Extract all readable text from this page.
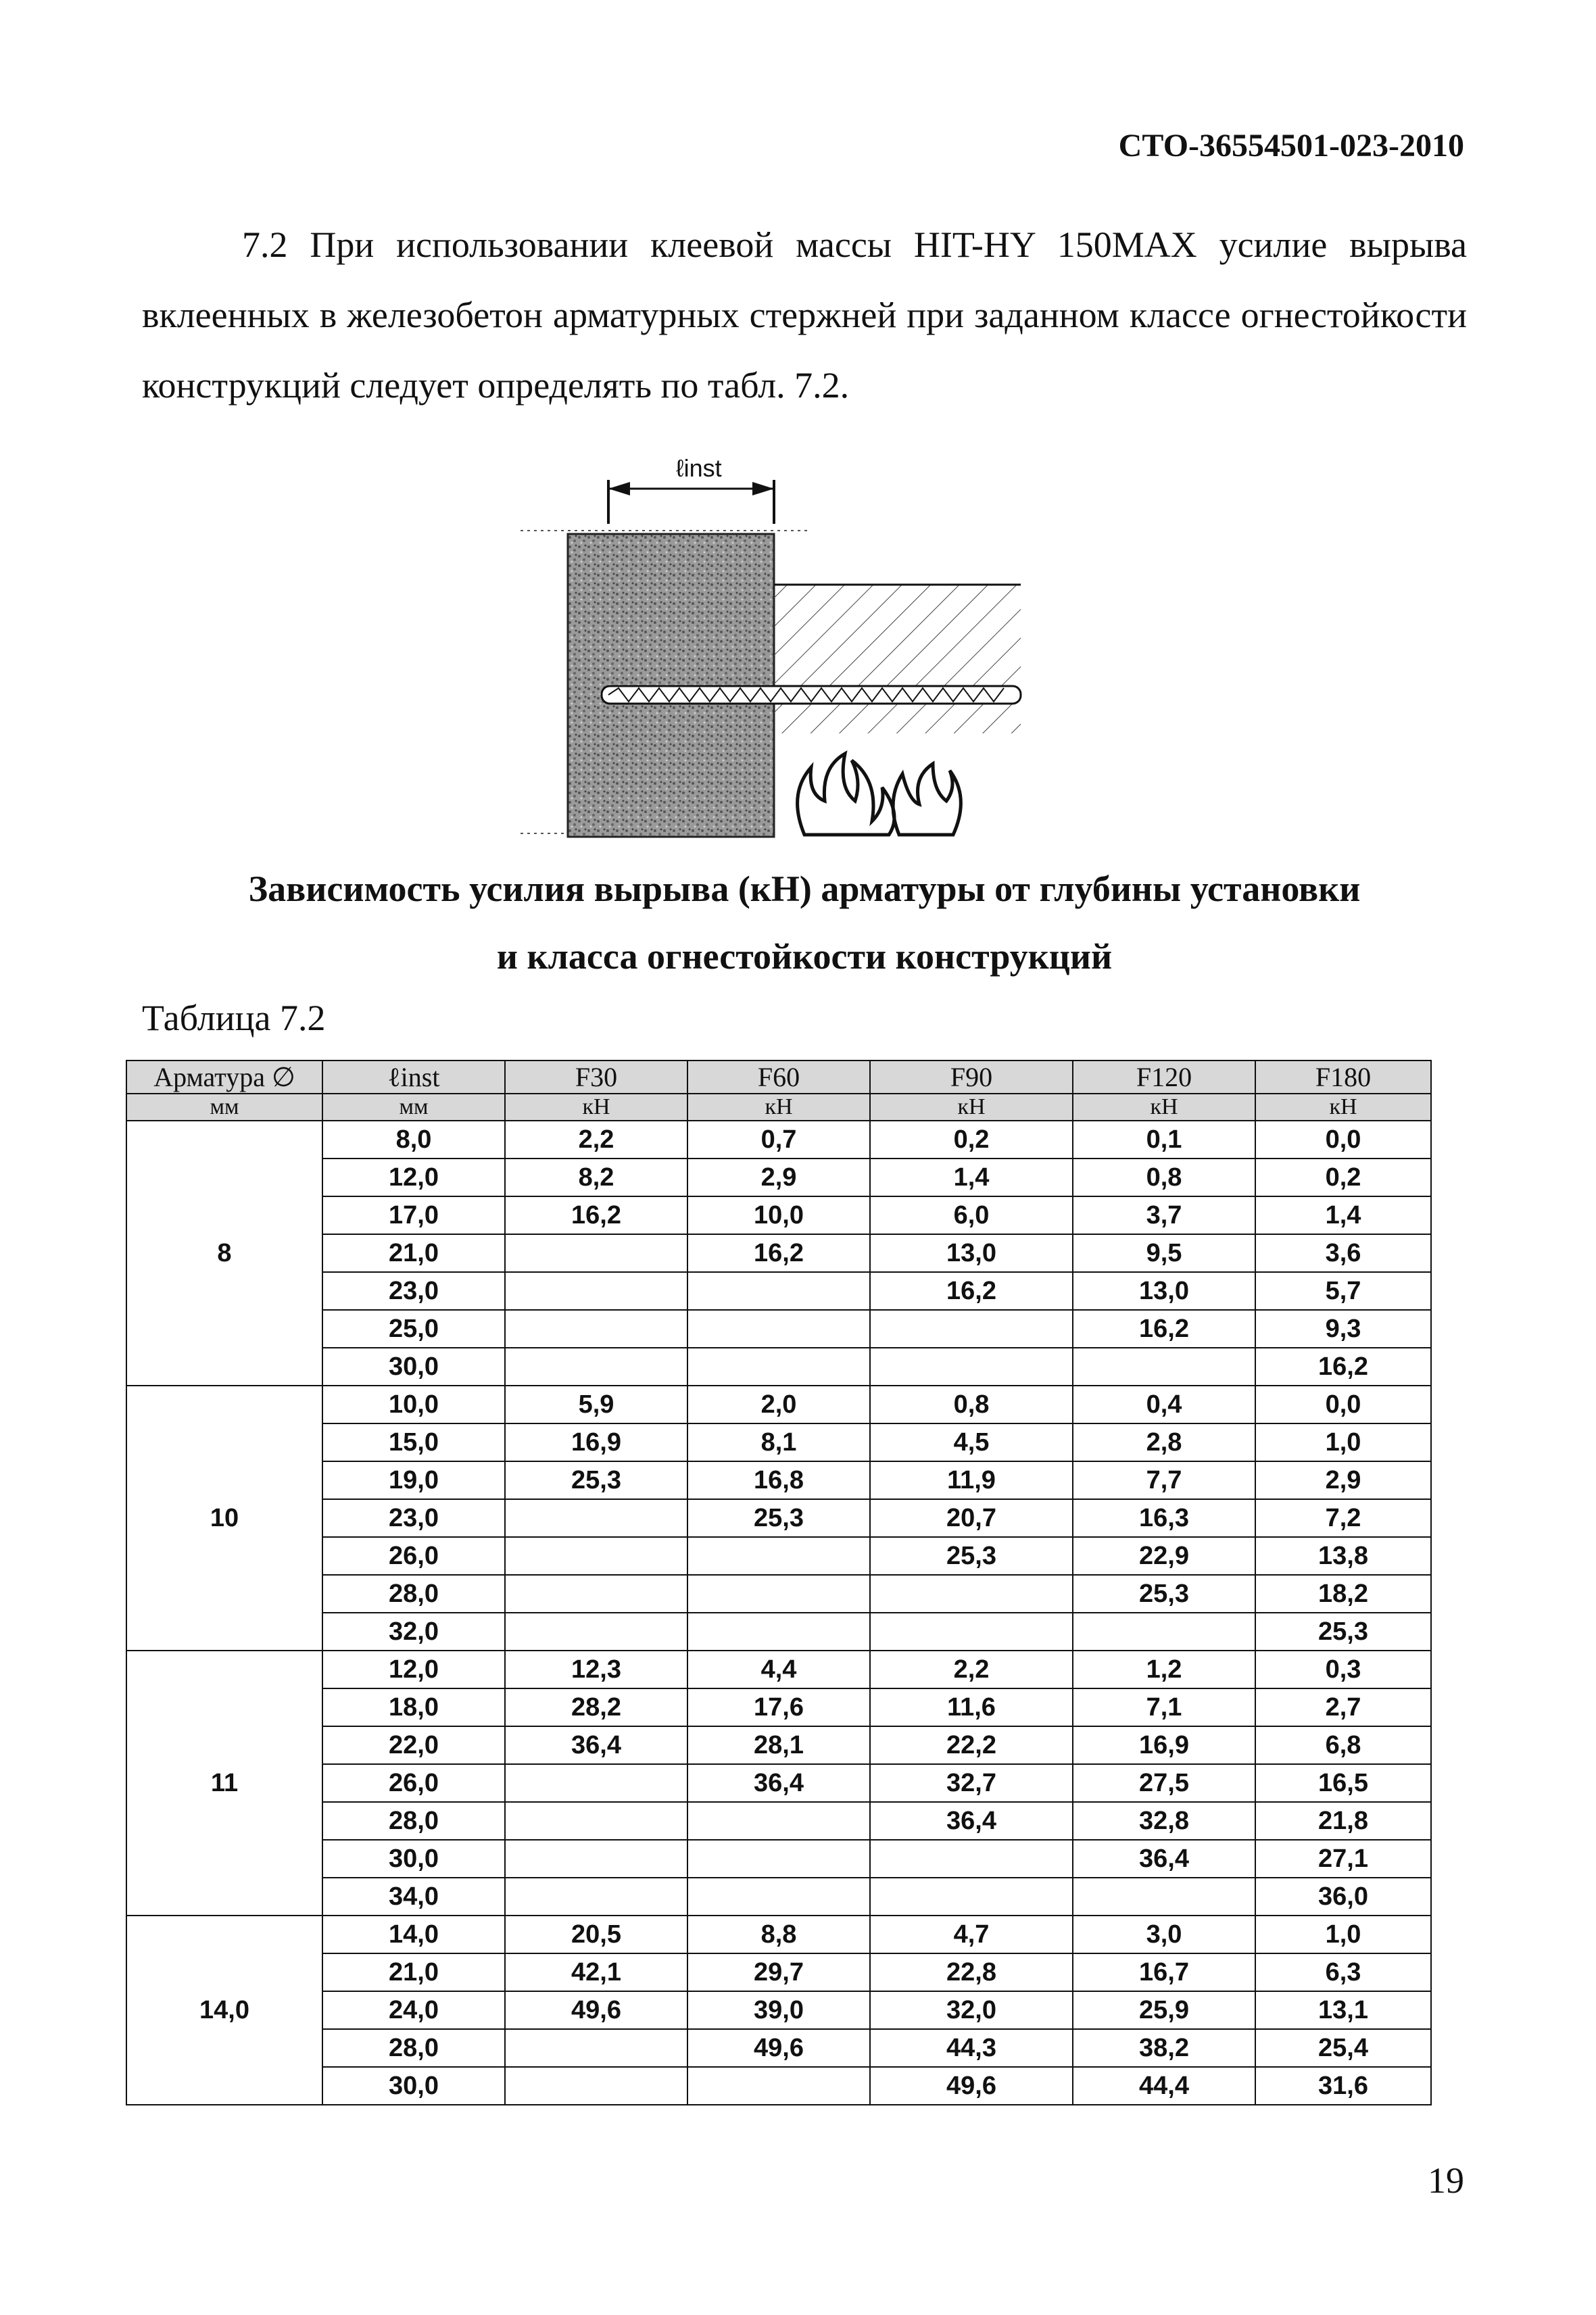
СТО-36554501-023-2010
7.2 При использовании клеевой массы HIT-HY 150MAX усилие вырыва вклеенных в железобетон арматурных стержней при заданном классе огнестойкости конструкций следует определять по табл. 7.2.
ℓinst
Зависимость усилия вырыва (кН) арматуры от глубины установки
и класса огнестойкости конструкций
Таблица 7.2
Арматура ∅	ℓinst	F30	F60	F90	F120	F180
мм	мм	кН	кН	кН	кН	кН
8	8,0	2,2	0,7	0,2	0,1	0,0
	12,0	8,2	2,9	1,4	0,8	0,2
	17,0	16,2	10,0	6,0	3,7	1,4
	21,0		16,2	13,0	9,5	3,6
	23,0			16,2	13,0	5,7
	25,0				16,2	9,3
	30,0					16,2
10	10,0	5,9	2,0	0,8	0,4	0,0
	15,0	16,9	8,1	4,5	2,8	1,0
	19,0	25,3	16,8	11,9	7,7	2,9
	23,0		25,3	20,7	16,3	7,2
	26,0			25,3	22,9	13,8
	28,0				25,3	18,2
	32,0					25,3
11	12,0	12,3	4,4	2,2	1,2	0,3
	18,0	28,2	17,6	11,6	7,1	2,7
	22,0	36,4	28,1	22,2	16,9	6,8
	26,0		36,4	32,7	27,5	16,5
	28,0			36,4	32,8	21,8
	30,0				36,4	27,1
	34,0					36,0
14,0	14,0	20,5	8,8	4,7	3,0	1,0
	21,0	42,1	29,7	22,8	16,7	6,3
	24,0	49,6	39,0	32,0	25,9	13,1
	28,0		49,6	44,3	38,2	25,4
	30,0			49,6	44,4	31,6
19
